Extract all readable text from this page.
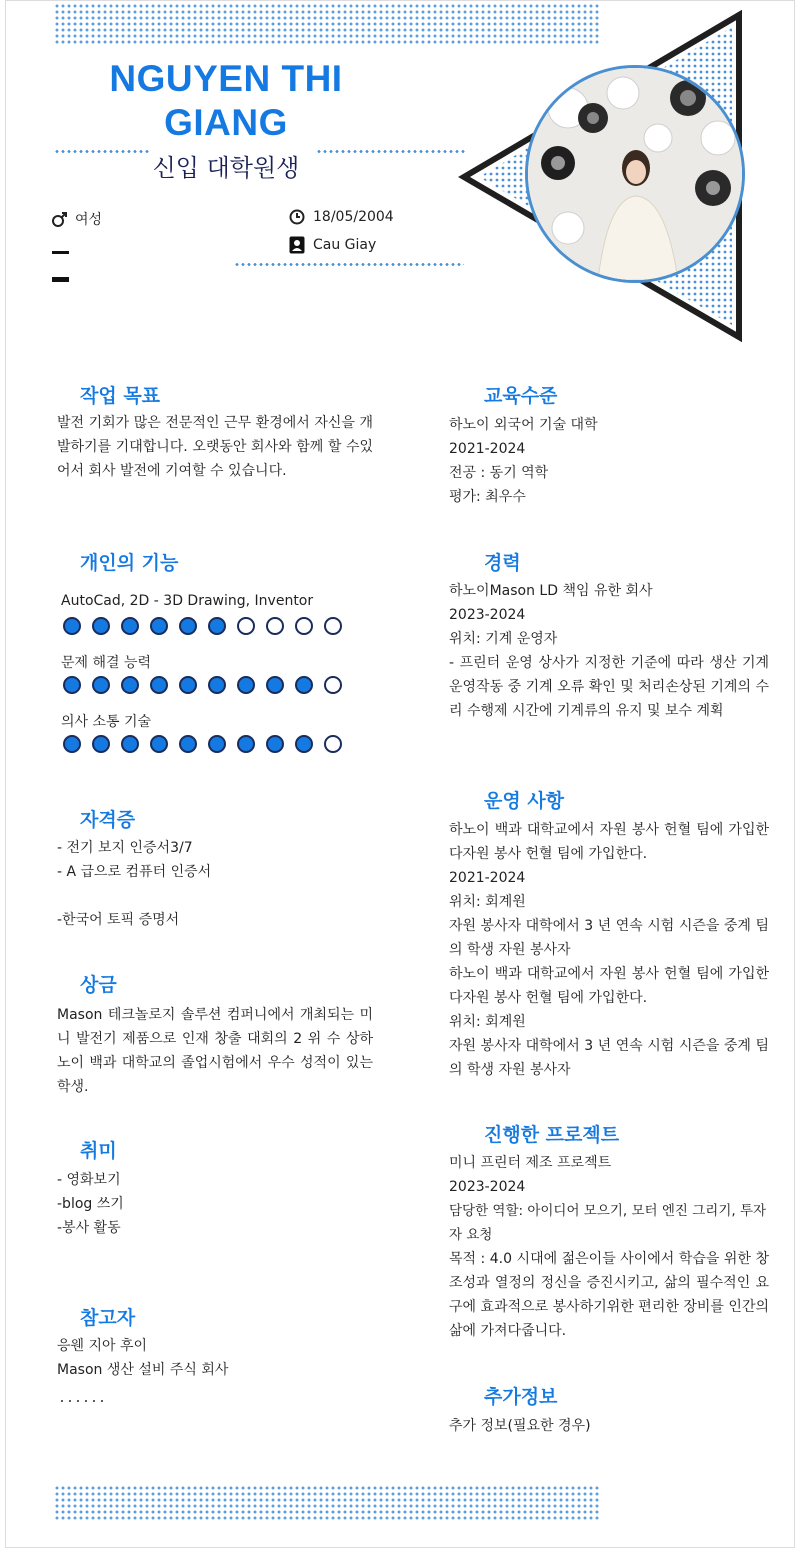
NGUYEN THI GIANG
신입 대학원생
여성	18/05/2004
Cau Giay
작업 목표
발전 기회가 많은 전문적인 근무 환경에서 자신을 개발하기를 기대합니다. 오랫동안 회사와 함께 할 수있어서 회사 발전에 기여할 수 있습니다.
개인의 기능
AutoCad, 2D - 3D Drawing, Inventor
문제 해결 능력
의사 소통 기술
자격증
- 전기 보지 인증서3/7
- A 급으로 컴퓨터 인증서
-한국어 토픽 증명서
상금
Mason 테크놀로지 솔루션 컴퍼니에서 개최되는 미니 발전기 제품으로 인재 창출 대회의 2 위 수 상하노이 백과 대학교의 졸업시험에서 우수 성적이 있는 학생.
취미
- 영화보기
-blog 쓰기
-봉사 활동
참고자
응웬 지아 후이
Mason 생산 설비 주식 회사
교육수준
하노이 외국어 기술 대학
2021-2024
전공 : 동기 역학
평가: 최우수
경력
하노이Mason LD 책임 유한 회사
2023-2024
위치: 기계 운영자
- 프린터 운영 상사가 지정한 기준에 따라 생산 기계 운영작동 중 기계 오류 확인 및 처리손상된 기계의 수리 수행제 시간에 기계류의 유지 및 보수 계획
운영 사항
하노이 백과 대학교에서 자원 봉사 헌혈 팀에 가입한다자원 봉사 헌혈 팀에 가입한다.
2021-2024
위치: 회계원
자원 봉사자 대학에서 3 년 연속 시험 시즌을 중계 팀의 학생 자원 봉사자
하노이 백과 대학교에서 자원 봉사 헌혈 팀에 가입한다자원 봉사 헌혈 팀에 가입한다.
위치: 회계원
자원 봉사자 대학에서 3 년 연속 시험 시즌을 중계 팀의 학생 자원 봉사자
진행한 프로젝트
미니 프린터 제조 프로젝트
2023-2024
담당한 역할: 아이디어 모으기, 모터 엔진 그리기, 투자자 요청
목적 : 4.0 시대에 젊은이들 사이에서 학습을 위한 창조성과 열정의 정신을 증진시키고, 삶의 필수적인 요구에 효과적으로 봉사하기위한 편리한 장비를 인간의 삶에 가져다줍니다.
추가정보
추가 정보(필요한 경우)
